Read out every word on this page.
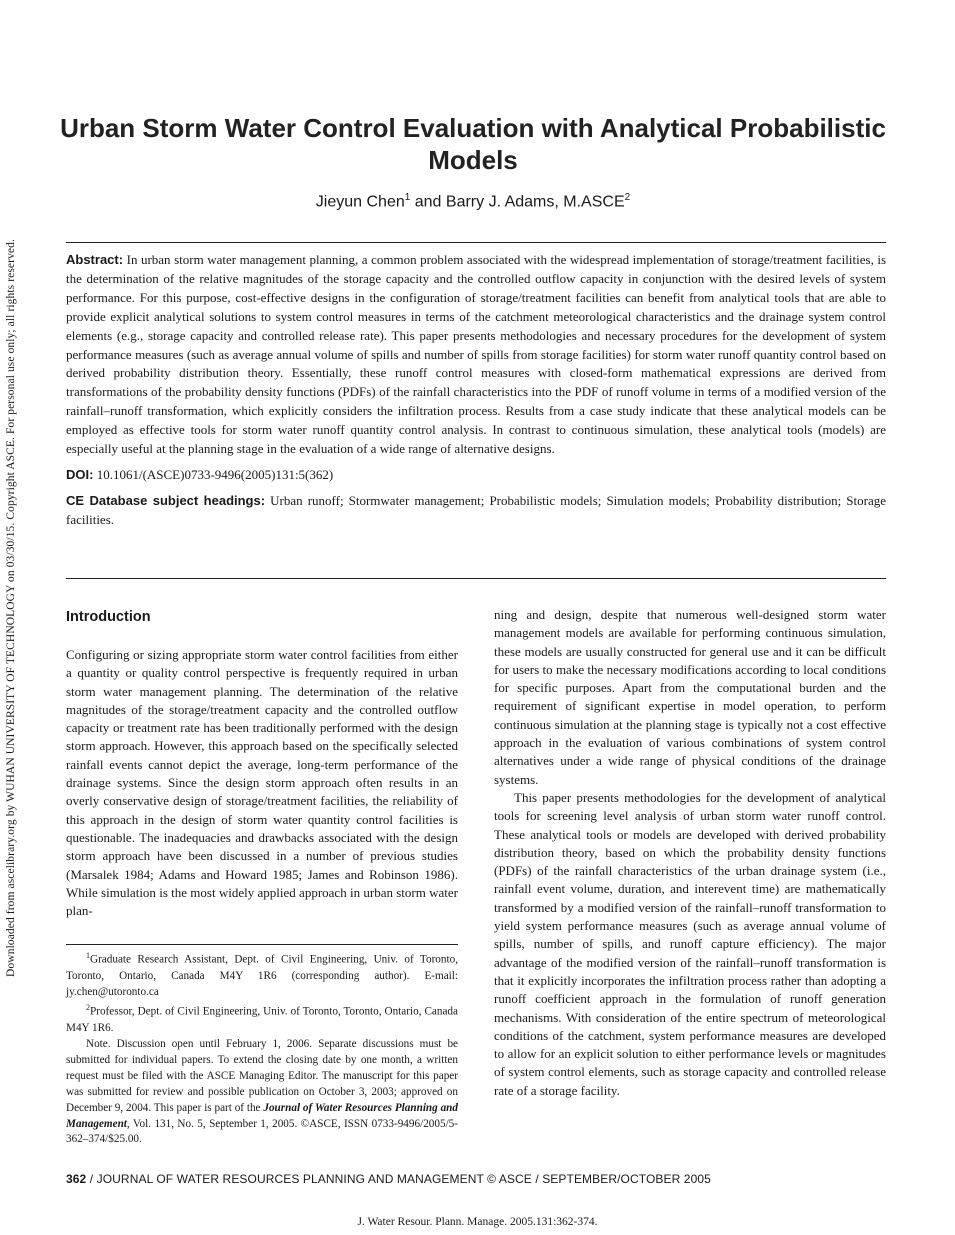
Downloaded from ascelibrary.org by WUHAN UNIVERSITY OF TECHNOLOGY on 03/30/15. Copyright ASCE. For personal use only; all rights reserved.
Urban Storm Water Control Evaluation with Analytical Probabilistic Models
Jieyun Chen$^1$ and Barry J. Adams, M.ASCE$^2$

Abstract: In urban storm water management planning, a common problem associated with the widespread implementation of storage/treatment facilities, is the determination of the relative magnitudes of the storage capacity and the controlled outflow capacity in conjunction with the desired levels of system performance. For this purpose, cost-effective designs in the configuration of storage/treatment facilities can benefit from analytical tools that are able to provide explicit analytical solutions to system control measures in terms of the catchment meteorological characteristics and the drainage system control elements (e.g., storage capacity and controlled release rate). This paper presents methodologies and necessary procedures for the development of system performance measures (such as average annual volume of spills and number of spills from storage facilities) for storm water runoff quantity control based on derived probability distribution theory. Essentially, these runoff control measures with closed-form mathematical expressions are derived from transformations of the probability density functions (PDFs) of the rainfall characteristics into the PDF of runoff volume in terms of a modified version of the rainfall–runoff transformation, which explicitly considers the infiltration process. Results from a case study indicate that these analytical models can be employed as effective tools for storm water runoff quantity control analysis. In contrast to continuous simulation, these analytical tools (models) are especially useful at the planning stage in the evaluation of a wide range of alternative designs.

DOI: 10.1061/(ASCE)0733-9496(2005)131:5(362)

CE Database subject headings: Urban runoff; Stormwater management; Probabilistic models; Simulation models; Probability distribution; Storage facilities.

Introduction

Configuring or sizing appropriate storm water control facilities from either a quantity or quality control perspective is frequently required in urban storm water management planning. The determination of the relative magnitudes of the storage/treatment capacity and the controlled outflow capacity or treatment rate has been traditionally performed with the design storm approach. However, this approach based on the specifically selected rainfall events cannot depict the average, long-term performance of the drainage systems. Since the design storm approach often results in an overly conservative design of storage/treatment facilities, the reliability of this approach in the design of storm water quantity control facilities is questionable. The inadequacies and drawbacks associated with the design storm approach have been discussed in a number of previous studies (Marsalek 1984; Adams and Howard 1985; James and Robinson 1986). While simulation is the most widely applied approach in urban storm water plan-

$^1$Graduate Research Assistant, Dept. of Civil Engineering, Univ. of Toronto, Toronto, Ontario, Canada M4Y 1R6 (corresponding author). E-mail: jy.chen@utoronto.ca

$^2$Professor, Dept. of Civil Engineering, Univ. of Toronto, Toronto, Ontario, Canada M4Y 1R6.

Note. Discussion open until February 1, 2006. Separate discussions must be submitted for individual papers. To extend the closing date by one month, a written request must be filed with the ASCE Managing Editor. The manuscript for this paper was submitted for review and possible publication on October 3, 2003; approved on December 9, 2004. This paper is part of the Journal of Water Resources Planning and Management, Vol. 131, No. 5, September 1, 2005. ©ASCE, ISSN 0733-9496/2005/5-362–374/$25.00.

ning and design, despite that numerous well-designed storm water management models are available for performing continuous simulation, these models are usually constructed for general use and it can be difficult for users to make the necessary modifications according to local conditions for specific purposes. Apart from the computational burden and the requirement of significant expertise in model operation, to perform continuous simulation at the planning stage is typically not a cost effective approach in the evaluation of various combinations of system control alternatives under a wide range of physical conditions of the drainage systems.

This paper presents methodologies for the development of analytical tools for screening level analysis of urban storm water runoff control. These analytical tools or models are developed with derived probability distribution theory, based on which the probability density functions (PDFs) of the rainfall characteristics of the urban drainage system (i.e., rainfall event volume, duration, and interevent time) are mathematically transformed by a modified version of the rainfall–runoff transformation to yield system performance measures (such as average annual volume of spills, number of spills, and runoff capture efficiency). The major advantage of the modified version of the rainfall–runoff transformation is that it explicitly incorporates the infiltration process rather than adopting a runoff coefficient approach in the formulation of runoff generation mechanisms. With consideration of the entire spectrum of meteorological conditions of the catchment, system performance measures are developed to allow for an explicit solution to either performance levels or magnitudes of system control elements, such as storage capacity and controlled release rate of a storage facility.

362 / JOURNAL OF WATER RESOURCES PLANNING AND MANAGEMENT © ASCE / SEPTEMBER/OCTOBER 2005
J. Water Resour. Plann. Manage. 2005.131:362-374.
